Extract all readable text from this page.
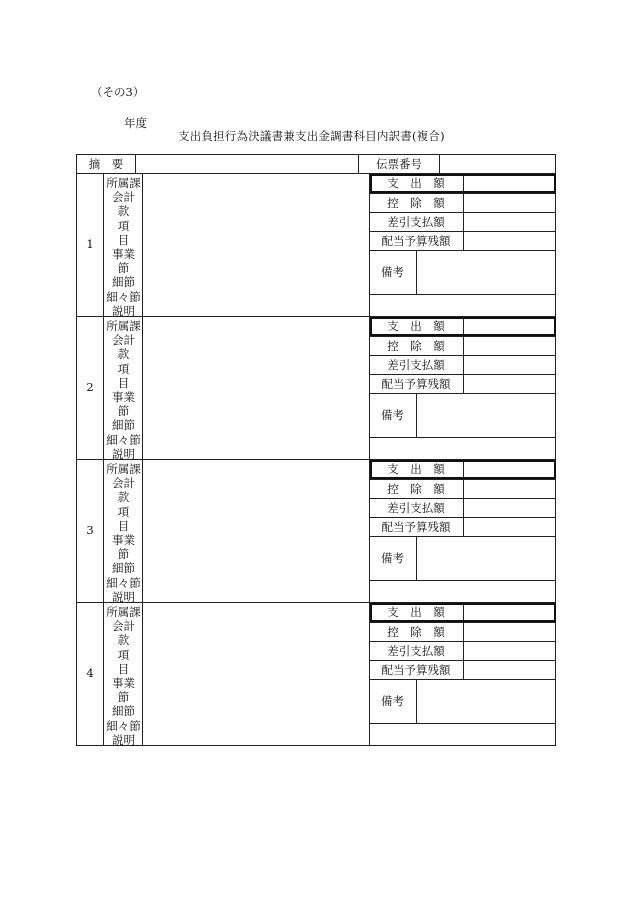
（その3）
年度
支出負担行為決議書兼支出金調書科目内訳書(複合)
摘　要	伝票番号
1
所属課
会計
款
項
目
事業
節
細節
細々節
説明
支　出　額
控　除　額
差引支払額
配当予算残額
備考
2
所属課
会計
款
項
目
事業
節
細節
細々節
説明
支　出　額
控　除　額
差引支払額
配当予算残額
備考
3
所属課
会計
款
項
目
事業
節
細節
細々節
説明
支　出　額
控　除　額
差引支払額
配当予算残額
備考
4
所属課
会計
款
項
目
事業
節
細節
細々節
説明
支　出　額
控　除　額
差引支払額
配当予算残額
備考
